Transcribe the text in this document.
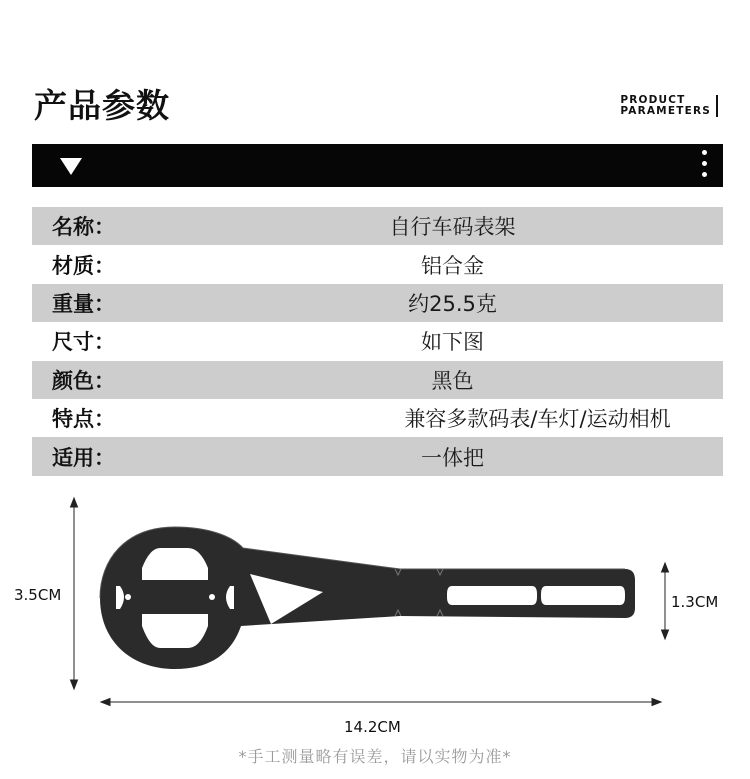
产品参数	PRODUCT
PARAMETERS
名称：	自行车码表架
材质：	铝合金
重量：	约25.5克
尺寸：	如下图
颜色：	黑色
特点：	兼容多款码表/车灯/运动相机
适用：	一体把
3.5CM	1.3CM
14.2CM
*手工测量略有误差，请以实物为准*
